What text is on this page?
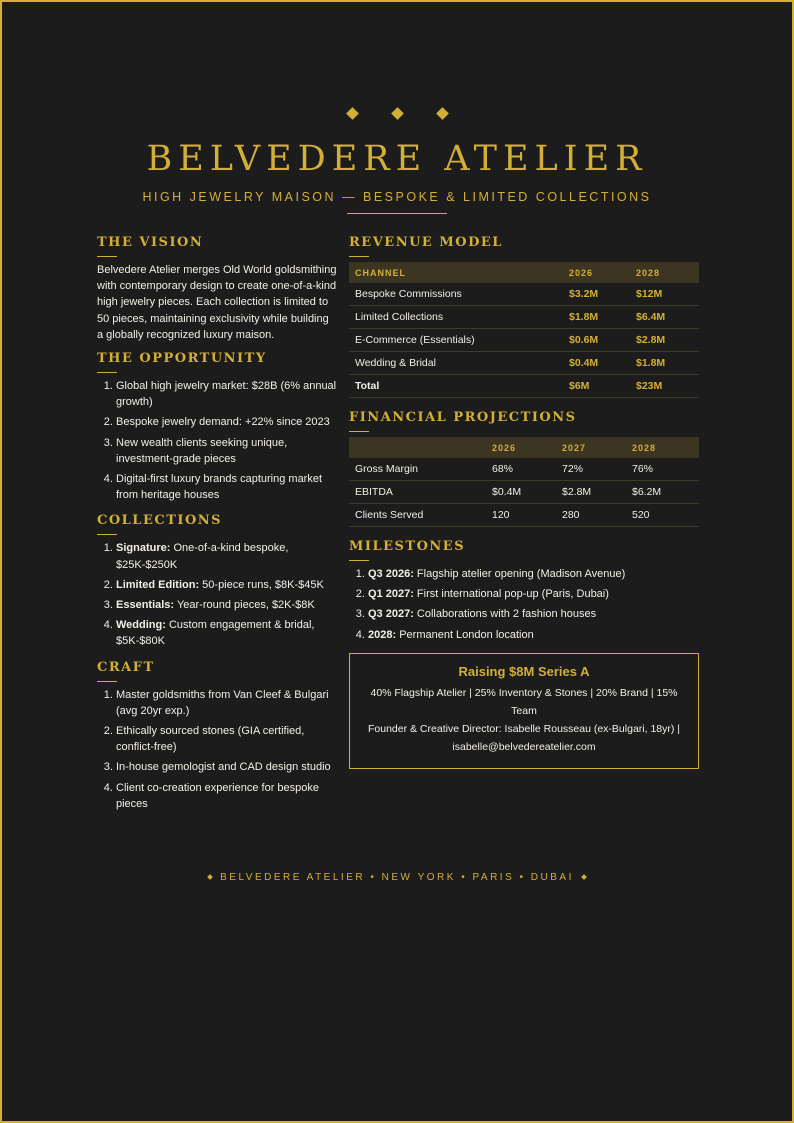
BELVEDERE ATELIER
HIGH JEWELRY MAISON — BESPOKE & LIMITED COLLECTIONS
THE VISION

Belvedere Atelier merges Old World goldsmithing with contemporary design to create one-of-a-kind high jewelry pieces. Each collection is limited to 50 pieces, maintaining exclusivity while building a globally recognized luxury maison.

THE OPPORTUNITY
1. Global high jewelry market: $28B (6% annual growth)
2. Bespoke jewelry demand: +22% since 2023
3. New wealth clients seeking unique, investment-grade pieces
4. Digital-first luxury brands capturing market from heritage houses
COLLECTIONS
1. Signature: One-of-a-kind bespoke, $25K-$250K
2. Limited Edition: 50-piece runs, $8K-$45K
3. Essentials: Year-round pieces, $2K-$8K
4. Wedding: Custom engagement & bridal, $5K-$80K
CRAFT
1. Master goldsmiths from Van Cleef & Bulgari (avg 20yr exp.)
2. Ethically sourced stones (GIA certified, conflict-free)
3. In-house gemologist and CAD design studio
4. Client co-creation experience for bespoke pieces
REVENUE MODEL
CHANNEL	2026	2028
Bespoke Commissions	$3.2M	$12M
Limited Collections	$1.8M	$6.4M
E-Commerce (Essentials)	$0.6M	$2.8M
Wedding & Bridal	$0.4M	$1.8M
Total	$6M	$23M
FINANCIAL PROJECTIONS
	2026	2027	2028
Gross Margin	68%	72%	76%
EBITDA	$0.4M	$2.8M	$6.2M
Clients Served	120	280	520
MILESTONES
1. Q3 2026: Flagship atelier opening (Madison Avenue)
2. Q1 2027: First international pop-up (Paris, Dubai)
3. Q3 2027: Collaborations with 2 fashion houses
4. 2028: Permanent London location
Raising $8M Series A
40% Flagship Atelier | 25% Inventory & Stones | 20% Brand | 15% Team
Founder & Creative Director: Isabelle Rousseau (ex-Bulgari, 18yr) | isabelle@belvedereatelier.com
BELVEDERE ATELIER • NEW YORK • PARIS • DUBAI
